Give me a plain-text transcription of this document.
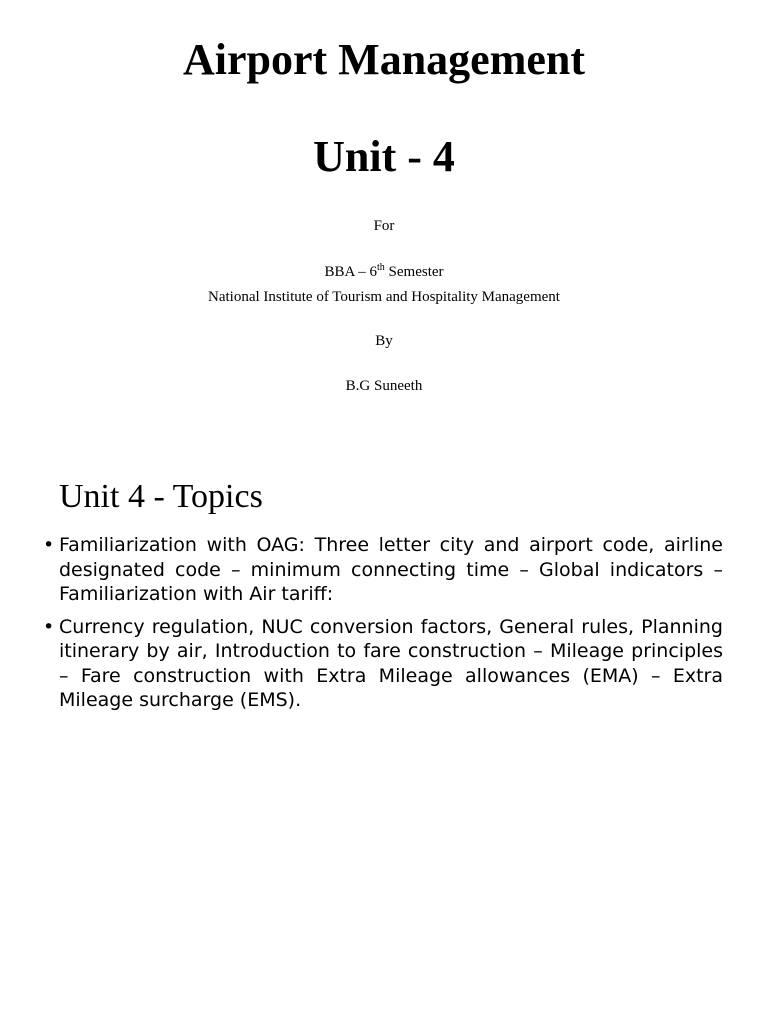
Airport Management
Unit - 4
For
BBA – 6th Semester
National Institute of Tourism and Hospitality Management
By
B.G Suneeth
Unit 4 - Topics
• Familiarization with OAG: Three letter city and airport code, airline designated code – minimum connecting time – Global indicators – Familiarization with Air tariff:
• Currency regulation, NUC conversion factors, General rules, Planning itinerary by air, Introduction to fare construction – Mileage principles – Fare construction with Extra Mileage allowances (EMA) – Extra Mileage surcharge (EMS).
